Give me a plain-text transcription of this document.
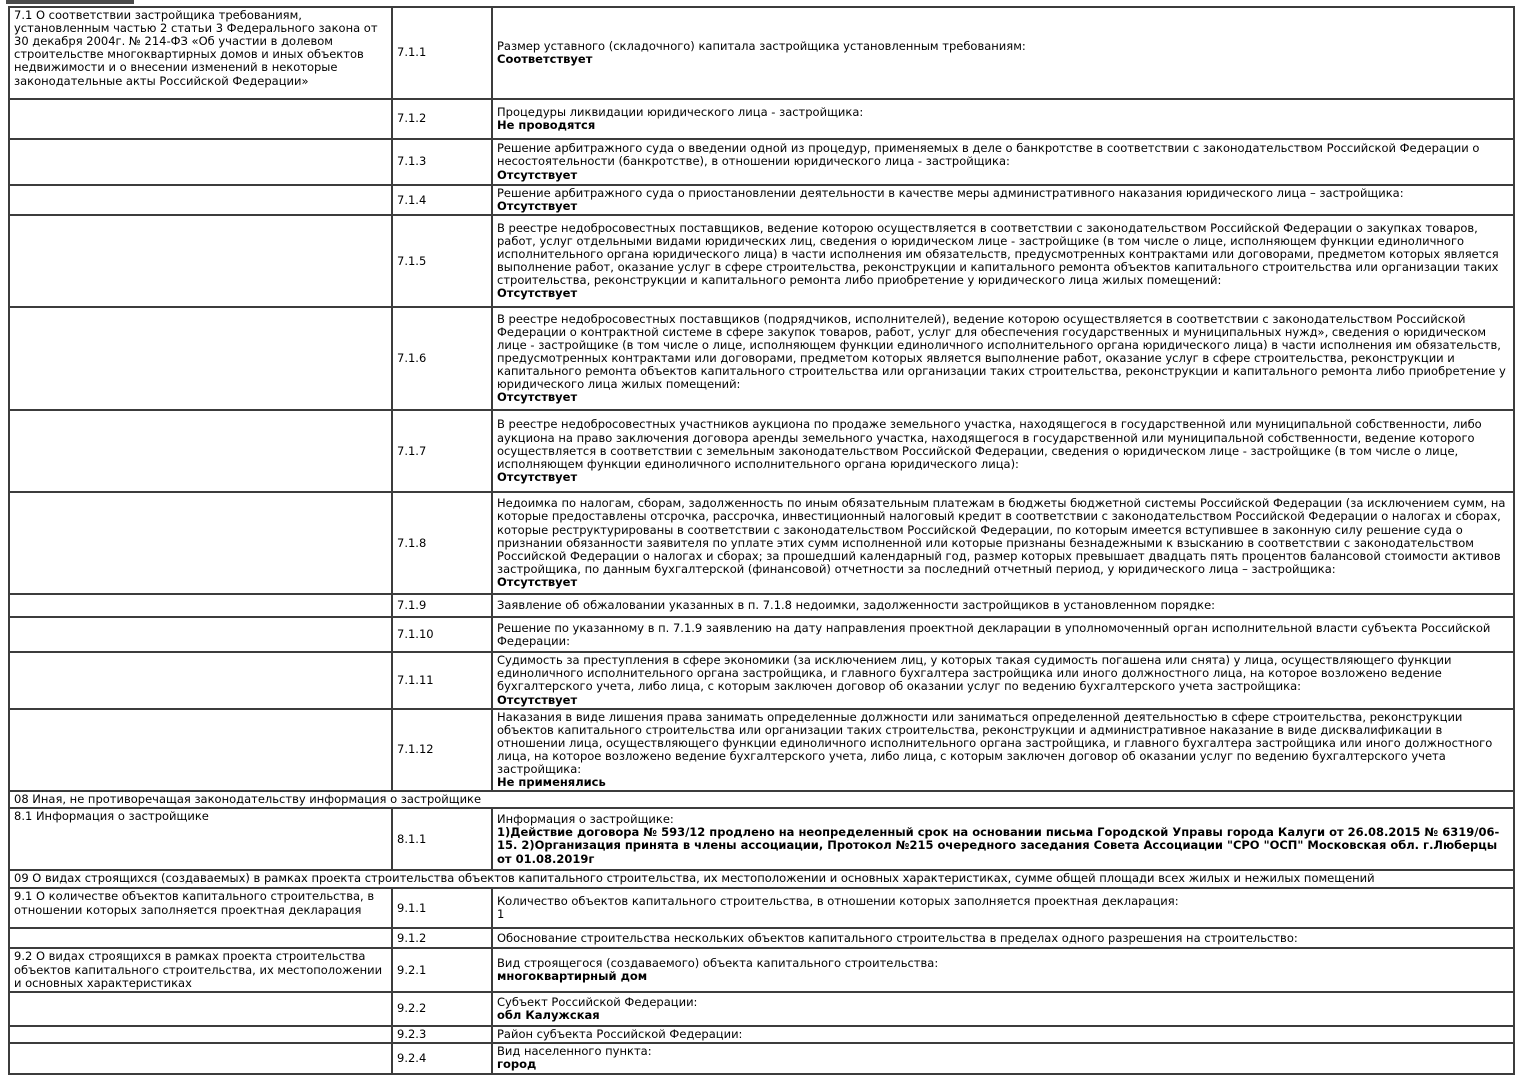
7.1 О соответствии застройщика требованиям, установленным частью 2 статьи 3 Федерального закона от 30 декабря 2004г. № 214-ФЗ «Об участии в долевом строительстве многоквартирных домов и иных объектов недвижимости и о внесении изменений в некоторые законодательные акты Российской Федерации»	7.1.1	Размер уставного (складочного) капитала застройщика установленным требованиям:
Соответствует

	7.1.2	Процедуры ликвидации юридического лица - застройщика:
Не проводятся

	7.1.3	Решение арбитражного суда о введении одной из процедур, применяемых в деле о банкротстве в соответствии с законодательством Российской Федерации о несостоятельности (банкротстве), в отношении юридического лица - застройщика:
Отсутствует

	7.1.4	Решение арбитражного суда о приостановлении деятельности в качестве меры административного наказания юридического лица – застройщика:
Отсутствует

	7.1.5	В реестре недобросовестных поставщиков, ведение которою осуществляется в соответствии с законодательством Российской Федерации о закупках товаров, работ, услуг отдельными видами юридических лиц, сведения о юридическом лице - застройщике (в том числе о лице, исполняющем функции единоличного исполнительного органа юридического лица) в части исполнения им обязательств, предусмотренных контрактами или договорами, предметом которых является выполнение работ, оказание услуг в сфере строительства, реконструкции и капитального ремонта объектов капитального строительства или организации таких строительства, реконструкции и капитального ремонта либо приобретение у юридического лица жилых помещений:
Отсутствует

	7.1.6	В реестре недобросовестных поставщиков (подрядчиков, исполнителей), ведение которою осуществляется в соответствии с законодательством Российской Федерации о контрактной системе в сфере закупок товаров, работ, услуг для обеспечения государственных и муниципальных нужд», сведения о юридическом лице - застройщике (в том числе о лице, исполняющем функции единоличного исполнительного органа юридического лица) в части исполнения им обязательств, предусмотренных контрактами или договорами, предметом которых является выполнение работ, оказание услуг в сфере строительства, реконструкции и капитального ремонта объектов капитального строительства или организации таких строительства, реконструкции и капитального ремонта либо приобретение у юридического лица жилых помещений:
Отсутствует

	7.1.7	В реестре недобросовестных участников аукциона по продаже земельного участка, находящегося в государственной или муниципальной собственности, либо аукциона на право заключения договора аренды земельного участка, находящегося в государственной или муниципальной собственности, ведение которого осуществляется в соответствии с земельным законодательством Российской Федерации, сведения о юридическом лице - застройщике (в том числе о лице, исполняющем функции единоличного исполнительного органа юридического лица):
Отсутствует

	7.1.8	Недоимка по налогам, сборам, задолженность по иным обязательным платежам в бюджеты бюджетной системы Российской Федерации (за исключением сумм, на которые предоставлены отсрочка, рассрочка, инвестиционный налоговый кредит в соответствии с законодательством Российской Федерации о налогах и сборах, которые реструктурированы в соответствии с законодательством Российской Федерации, по которым имеется вступившее в законную силу решение суда о признании обязанности заявителя по уплате этих сумм исполненной или которые признаны безнадежными к взысканию в соответствии с законодательством Российской Федерации о налогах и сборах; за прошедший календарный год, размер которых превышает двадцать пять процентов балансовой стоимости активов застройщика, по данным бухгалтерской (финансовой) отчетности за последний отчетный период, у юридического лица – застройщика:
Отсутствует

	7.1.9	Заявление об обжаловании указанных в п. 7.1.8 недоимки, задолженности застройщиков в установленном порядке:

	7.1.10	Решение по указанному в п. 7.1.9 заявлению на дату направления проектной декларации в уполномоченный орган исполнительной власти субъекта Российской Федерации:

	7.1.11	Судимость за преступления в сфере экономики (за исключением лиц, у которых такая судимость погашена или снята) у лица, осуществляющего функции единоличного исполнительного органа застройщика, и главного бухгалтера застройщика или иного должностного лица, на которое возложено ведение бухгалтерского учета, либо лица, с которым заключен договор об оказании услуг по ведению бухгалтерского учета застройщика:
Отсутствует

	7.1.12	Наказания в виде лишения права занимать определенные должности или заниматься определенной деятельностью в сфере строительства, реконструкции объектов капитального строительства или организации таких строительства, реконструкции и административное наказание в виде дисквалификации в отношении лица, осуществляющего функции единоличного исполнительного органа застройщика, и главного бухгалтера застройщика или иного должностного лица, на которое возложено ведение бухгалтерского учета, либо лица, с которым заключен договор об оказании услуг по ведению бухгалтерского учета застройщика:
Не применялись

08 Иная, не противоречащая законодательству информация о застройщике		
8.1 Информация о застройщике	8.1.1	Информация о застройщике:
1)Действие договора № 593/12 продлено на неопределенный срок на основании письма Городской Управы города Калуги от 26.08.2015 № 6319/06-15. 2)Организация принята в члены ассоциации, Протокол №215 очередного заседания Совета Ассоциации "СРО "ОСП" Московская обл. г.Люберцы от 01.08.2019г

09 О видах строящихся (создаваемых) в рамках проекта строительства объектов капитального строительства, их местоположении и основных характеристиках, сумме общей площади всех жилых и нежилых помещений		
9.1 О количестве объектов капитального строительства, в отношении которых заполняется проектная декларация	9.1.1	Количество объектов капитального строительства, в отношении которых заполняется проектная декларация:
1

	9.1.2	Обоснование строительства нескольких объектов капитального строительства в пределах одного разрешения на строительство:

9.2 О видах строящихся в рамках проекта строительства объектов капитального строительства, их местоположении и основных характеристиках	9.2.1	Вид строящегося (создаваемого) объекта капитального строительства:
многоквартирный дом

	9.2.2	Субъект Российской Федерации:
обл Калужская

	9.2.3	Район субъекта Российской Федерации:

	9.2.4	Вид населенного пункта:
город
